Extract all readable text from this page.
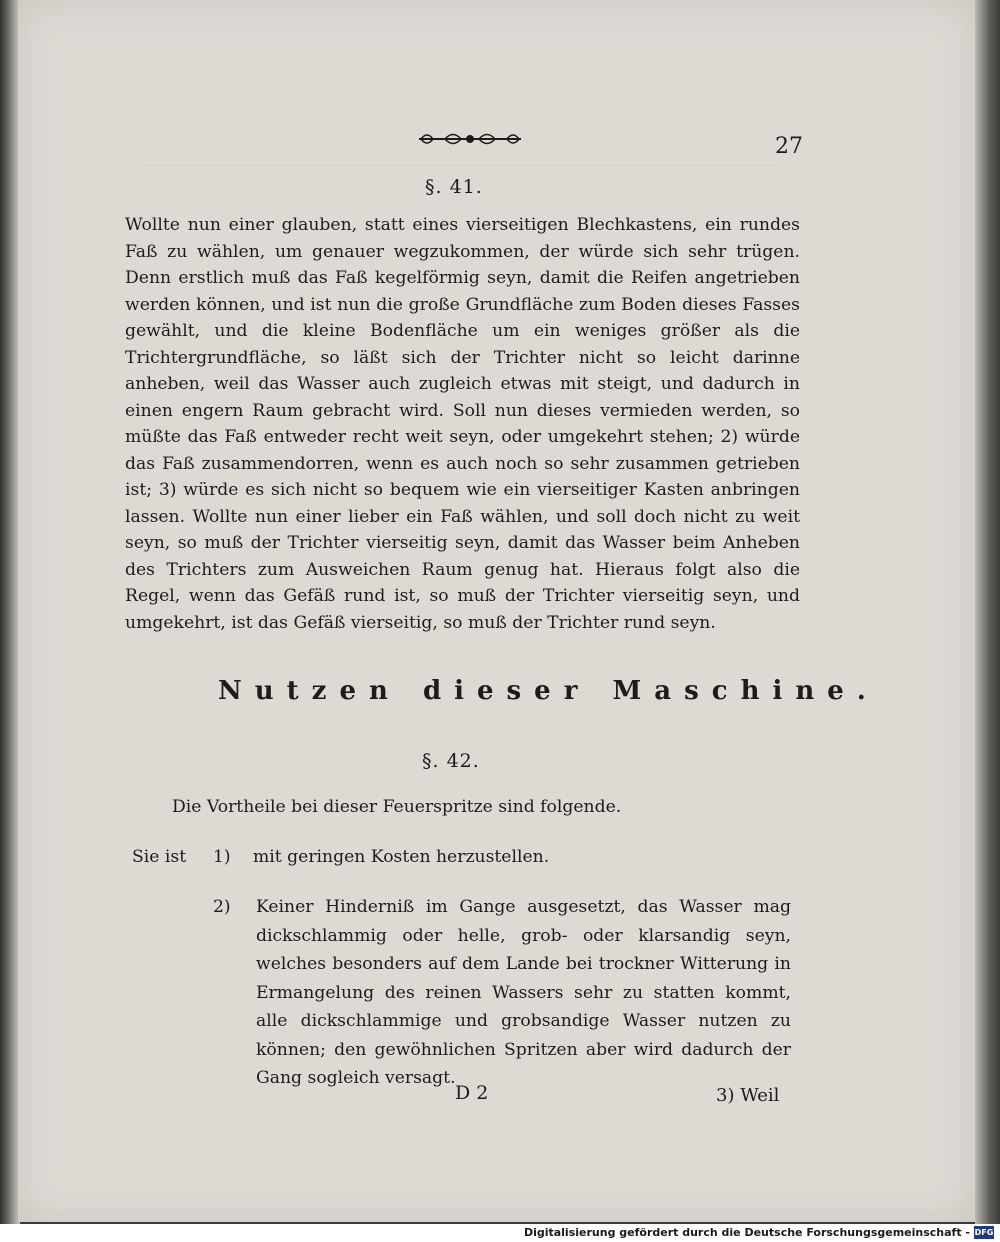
27
§. 41.
Wollte nun einer glauben, statt eines vierseitigen Blechkastens, ein rundes Faß zu wählen, um genauer wegzukommen, der würde sich sehr trügen. Denn erstlich muß das Faß kegelförmig seyn, damit die Reifen angetrieben werden können, und ist nun die große Grundfläche zum Boden dieses Fasses gewählt, und die kleine Bodenfläche um ein weniges größer als die Trichtergrundfläche, so läßt sich der Trichter nicht so leicht darinne anheben, weil das Wasser auch zugleich etwas mit steigt, und dadurch in einen engern Raum gebracht wird. Soll nun dieses vermieden werden, so müßte das Faß entweder recht weit seyn, oder umgekehrt stehen; 2) würde das Faß zusammendorren, wenn es auch noch so sehr zusammen getrieben ist; 3) würde es sich nicht so bequem wie ein vierseitiger Kasten anbringen lassen. Wollte nun einer lieber ein Faß wählen, und soll doch nicht zu weit seyn, so muß der Trichter vierseitig seyn, damit das Wasser beim Anheben des Trichters zum Ausweichen Raum genug hat. Hieraus folgt also die Regel, wenn das Gefäß rund ist, so muß der Trichter vierseitig seyn, und umgekehrt, ist das Gefäß vierseitig, so muß der Trichter rund seyn.
Nutzen dieser Maschine.
§. 42.
Die Vortheile bei dieser Feuerspritze sind folgende.
Sie ist 1) mit geringen Kosten herzustellen.
2) Keiner Hinderniß im Gange ausgesetzt, das Wasser mag dickschlammig oder helle, grob- oder klarsandig seyn, welches besonders auf dem Lande bei trockner Witterung in Ermangelung des reinen Wassers sehr zu statten kommt, alle dickschlammige und grobsandige Wasser nutzen zu können; den gewöhnlichen Spritzen aber wird dadurch der Gang sogleich versagt.
D 2	3) Weil
Digitalisierung gefördert durch die Deutsche Forschungsgemeinschaft - DFG
